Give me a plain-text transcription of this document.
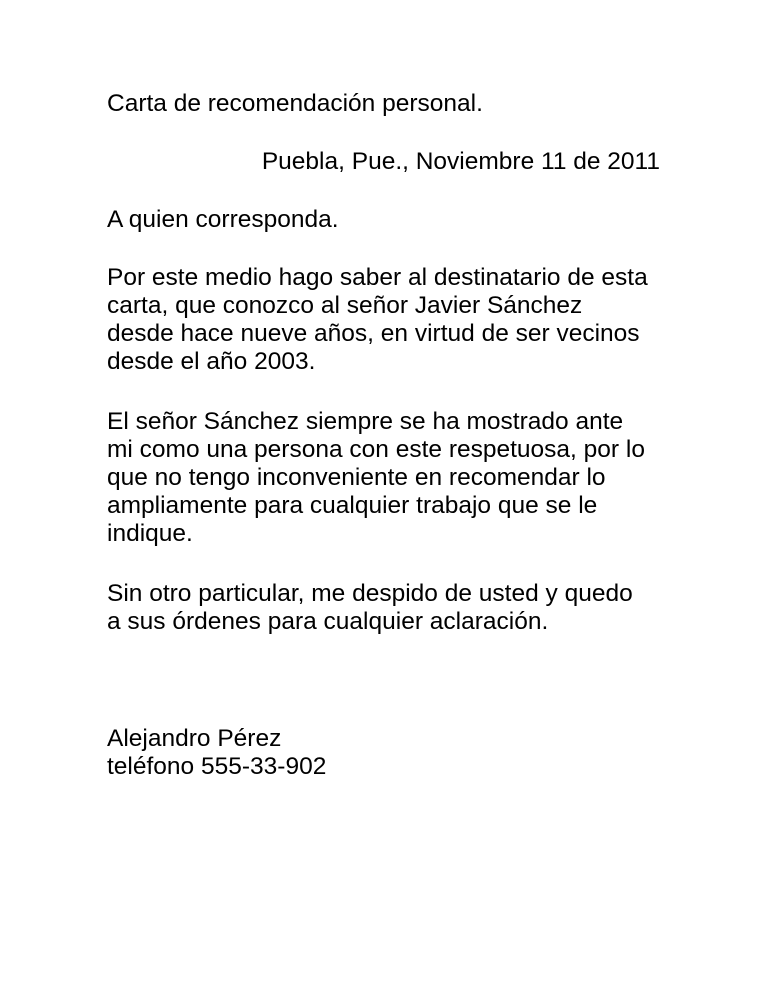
Carta de recomendación personal.

Puebla, Pue., Noviembre 11 de 2011

A quien corresponda.

Por este medio hago saber al destinatario de esta

carta, que conozco al señor Javier Sánchez

desde hace nueve años, en virtud de ser vecinos

desde el año 2003.

El señor Sánchez siempre se ha mostrado ante

mi como una persona con este respetuosa, por lo

que no tengo inconveniente en recomendar lo

ampliamente para cualquier trabajo que se le

indique.

Sin otro particular, me despido de usted y quedo

a sus órdenes para cualquier aclaración.

Alejandro Pérez

teléfono 555-33-902
